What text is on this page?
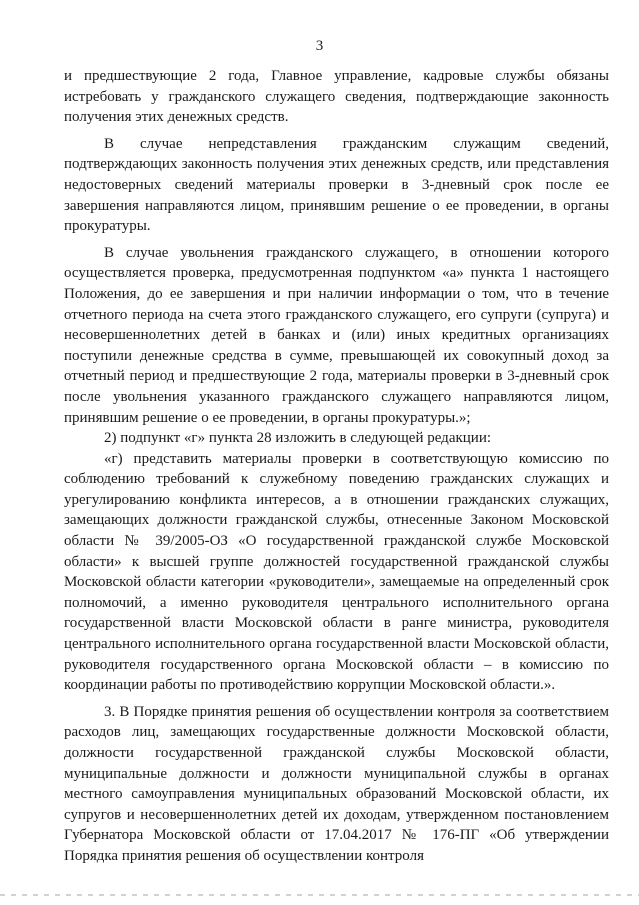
3

и предшествующие 2 года, Главное управление, кадровые службы обязаны истребовать у гражданского служащего сведения, подтверждающие законность получения этих денежных средств.

В случае непредставления гражданским служащим сведений, подтверждающих законность получения этих денежных средств, или представления недостоверных сведений материалы проверки в 3-дневный срок после ее завершения направляются лицом, принявшим решение о ее проведении, в органы прокуратуры.

В случае увольнения гражданского служащего, в отношении которого осуществляется проверка, предусмотренная подпунктом «а» пункта 1 настоящего Положения, до ее завершения и при наличии информации о том, что в течение отчетного периода на счета этого гражданского служащего, его супруги (супруга) и несовершеннолетних детей в банках и (или) иных кредитных организациях поступили денежные средства в сумме, превышающей их совокупный доход за отчетный период и предшествующие 2 года, материалы проверки в 3-дневный срок после увольнения указанного гражданского служащего направляются лицом, принявшим решение о ее проведении, в органы прокуратуры.»;

2) подпункт «г» пункта 28 изложить в следующей редакции:

«г) представить материалы проверки в соответствующую комиссию по соблюдению требований к служебному поведению гражданских служащих и урегулированию конфликта интересов, а в отношении гражданских служащих, замещающих должности гражданской службы, отнесенные Законом Московской области № 39/2005-ОЗ «О государственной гражданской службе Московской области» к высшей группе должностей государственной гражданской службы Московской области категории «руководители», замещаемые на определенный срок полномочий, а именно руководителя центрального исполнительного органа государственной власти Московской области в ранге министра, руководителя центрального исполнительного органа государственной власти Московской области, руководителя государственного органа Московской области – в комиссию по координации работы по противодействию коррупции Московской области.».

3. В Порядке принятия решения об осуществлении контроля за соответствием расходов лиц, замещающих государственные должности Московской области, должности государственной гражданской службы Московской области, муниципальные должности и должности муниципальной службы в органах местного самоуправления муниципальных образований Московской области, их супругов и несовершеннолетних детей их доходам, утвержденном постановлением Губернатора Московской области от 17.04.2017 № 176-ПГ «Об утверждении Порядка принятия решения об осуществлении контроля
